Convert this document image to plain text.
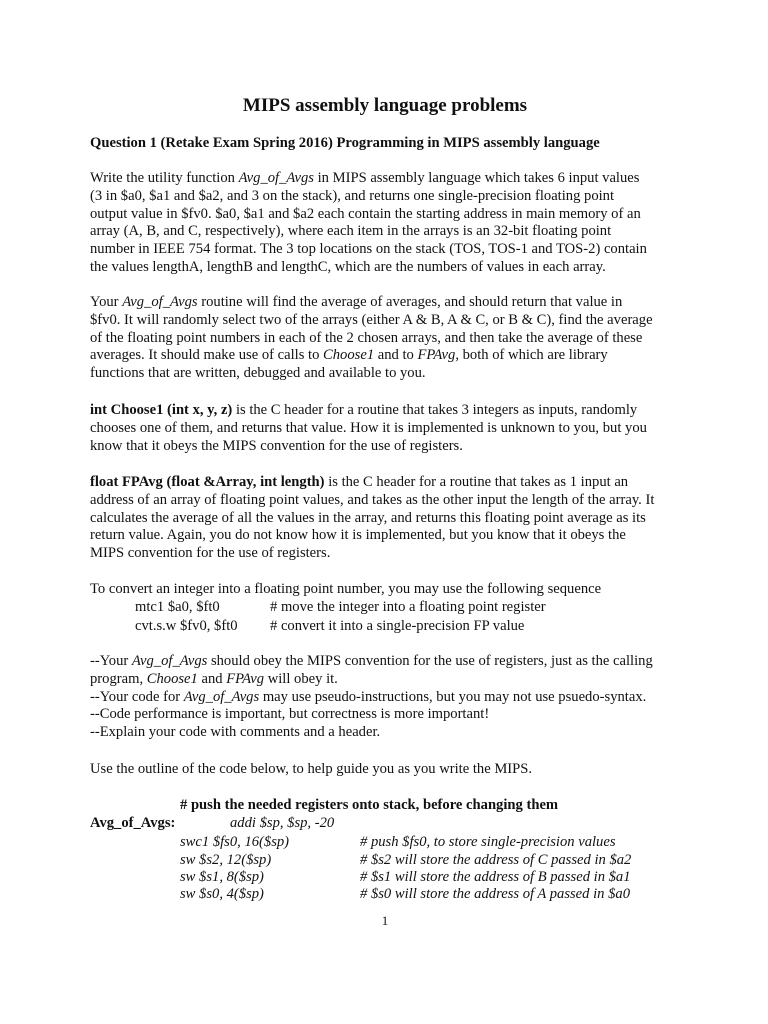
MIPS assembly language problems
Question 1 (Retake Exam Spring 2016) Programming in MIPS assembly language
Write the utility function Avg_of_Avgs in MIPS assembly language which takes 6 input values
(3 in $a0, $a1 and $a2, and 3 on the stack), and returns one single-precision floating point
output value in $fv0. $a0, $a1 and $a2 each contain the starting address in main memory of an
array (A, B, and C, respectively), where each item in the arrays is an 32-bit floating point
number in IEEE 754 format. The 3 top locations on the stack (TOS, TOS-1 and TOS-2) contain
the values lengthA, lengthB and lengthC, which are the numbers of values in each array.
Your Avg_of_Avgs routine will find the average of averages, and should return that value in
$fv0. It will randomly select two of the arrays (either A & B, A & C, or B & C), find the average
of the floating point numbers in each of the 2 chosen arrays, and then take the average of these
averages. It should make use of calls to Choose1 and to FPAvg, both of which are library
functions that are written, debugged and available to you.
int Choose1 (int x, y, z) is the C header for a routine that takes 3 integers as inputs, randomly
chooses one of them, and returns that value. How it is implemented is unknown to you, but you
know that it obeys the MIPS convention for the use of registers.
float FPAvg (float &Array, int length) is the C header for a routine that takes as 1 input an
address of an array of floating point values, and takes as the other input the length of the array. It
calculates the average of all the values in the array, and returns this floating point average as its
return value. Again, you do not know how it is implemented, but you know that it obeys the
MIPS convention for the use of registers.
To convert an integer into a floating point number, you may use the following sequence
mtc1 $a0, $ft0	# move the integer into a floating point register
cvt.s.w $fv0, $ft0 # convert it into a single-precision FP value
--Your Avg_of_Avgs should obey the MIPS convention for the use of registers, just as the calling
program, Choose1 and FPAvg will obey it.
--Your code for Avg_of_Avgs may use pseudo-instructions, but you may not use psuedo-syntax.
--Code performance is important, but correctness is more important!
--Explain your code with comments and a header.
Use the outline of the code below, to help guide you as you write the MIPS.
# push the needed registers onto stack, before changing them
Avg_of_Avgs:	addi $sp, $sp, -20
swc1 $fs0, 16($sp)	# push $fs0, to store single-precision values
sw $s2, 12($sp)	# $s2 will store the address of C passed in $a2
sw $s1, 8($sp)	# $s1 will store the address of B passed in $a1
sw $s0, 4($sp)	# $s0 will store the address of A passed in $a0
1
